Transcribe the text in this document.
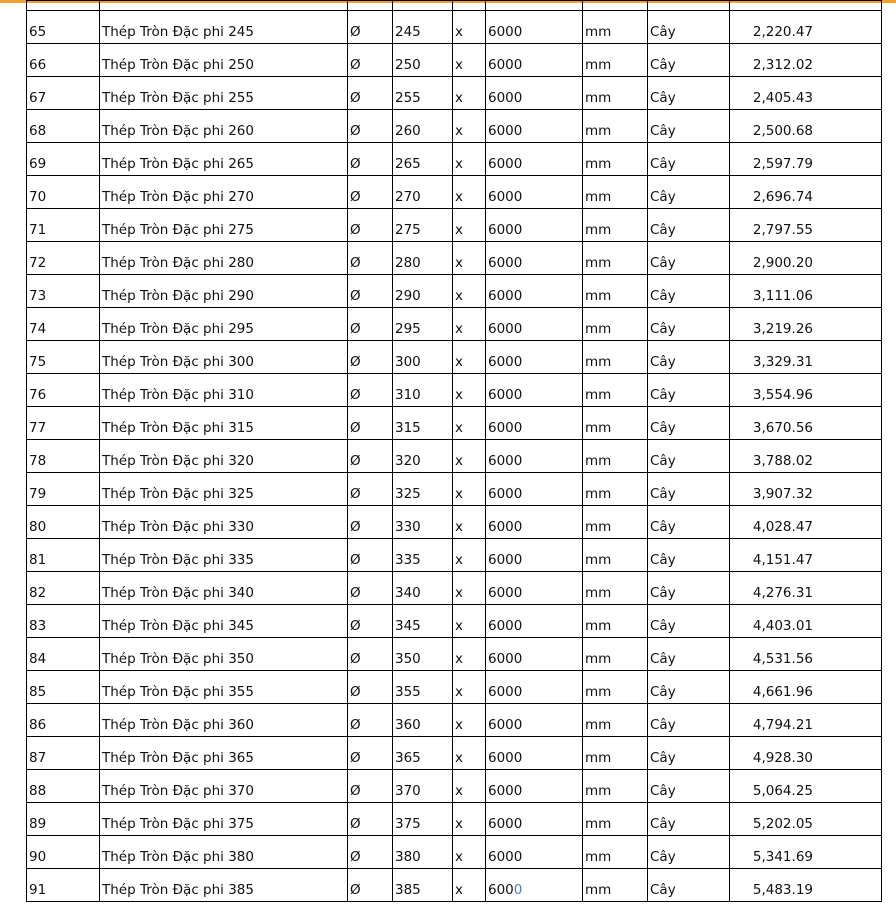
65	Thép Tròn Đặc phi 245	Ø	245	x	6000	mm	Cây	2,220.47
66	Thép Tròn Đặc phi 250	Ø	250	x	6000	mm	Cây	2,312.02
67	Thép Tròn Đặc phi 255	Ø	255	x	6000	mm	Cây	2,405.43
68	Thép Tròn Đặc phi 260	Ø	260	x	6000	mm	Cây	2,500.68
69	Thép Tròn Đặc phi 265	Ø	265	x	6000	mm	Cây	2,597.79
70	Thép Tròn Đặc phi 270	Ø	270	x	6000	mm	Cây	2,696.74
71	Thép Tròn Đặc phi 275	Ø	275	x	6000	mm	Cây	2,797.55
72	Thép Tròn Đặc phi 280	Ø	280	x	6000	mm	Cây	2,900.20
73	Thép Tròn Đặc phi 290	Ø	290	x	6000	mm	Cây	3,111.06
74	Thép Tròn Đặc phi 295	Ø	295	x	6000	mm	Cây	3,219.26
75	Thép Tròn Đặc phi 300	Ø	300	x	6000	mm	Cây	3,329.31
76	Thép Tròn Đặc phi 310	Ø	310	x	6000	mm	Cây	3,554.96
77	Thép Tròn Đặc phi 315	Ø	315	x	6000	mm	Cây	3,670.56
78	Thép Tròn Đặc phi 320	Ø	320	x	6000	mm	Cây	3,788.02
79	Thép Tròn Đặc phi 325	Ø	325	x	6000	mm	Cây	3,907.32
80	Thép Tròn Đặc phi 330	Ø	330	x	6000	mm	Cây	4,028.47
81	Thép Tròn Đặc phi 335	Ø	335	x	6000	mm	Cây	4,151.47
82	Thép Tròn Đặc phi 340	Ø	340	x	6000	mm	Cây	4,276.31
83	Thép Tròn Đặc phi 345	Ø	345	x	6000	mm	Cây	4,403.01
84	Thép Tròn Đặc phi 350	Ø	350	x	6000	mm	Cây	4,531.56
85	Thép Tròn Đặc phi 355	Ø	355	x	6000	mm	Cây	4,661.96
86	Thép Tròn Đặc phi 360	Ø	360	x	6000	mm	Cây	4,794.21
87	Thép Tròn Đặc phi 365	Ø	365	x	6000	mm	Cây	4,928.30
88	Thép Tròn Đặc phi 370	Ø	370	x	6000	mm	Cây	5,064.25
89	Thép Tròn Đặc phi 375	Ø	375	x	6000	mm	Cây	5,202.05
90	Thép Tròn Đặc phi 380	Ø	380	x	6000	mm	Cây	5,341.69
91	Thép Tròn Đặc phi 385	Ø	385	x	6000	mm	Cây	5,483.19
